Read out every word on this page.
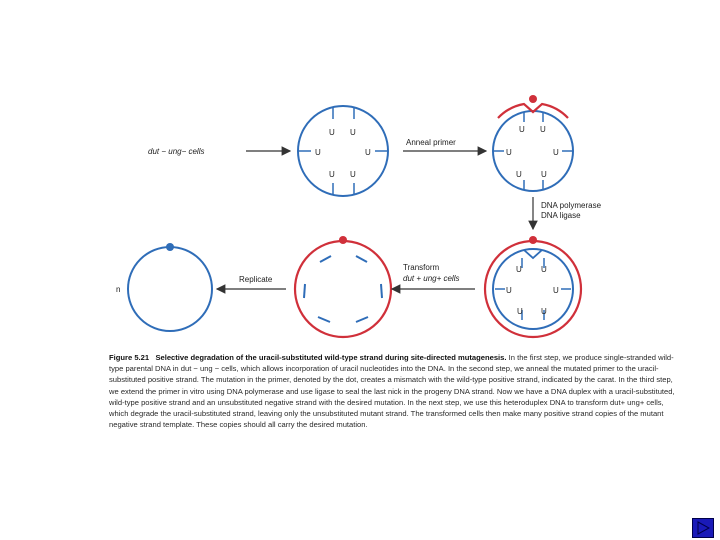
U U
U	U
U U
U U
U	U
U U
U U
U	U
U U
dut − ung− cells
Anneal primer
DNA polymerase
DNA ligase
Transform
dut + ung+ cells
Replicate
n
Figure 5.21 Selective degradation of the uracil-substituted wild-type strand during site-directed mutagenesis. In the first step, we produce single-stranded wild-type parental DNA in dut − ung − cells, which allows incorporation of uracil nucleotides into the DNA. In the second step, we anneal the mutated primer to the uracil-substituted positive strand. The mutation in the primer, denoted by the dot, creates a mismatch with the wild-type positive strand, indicated by the carat. In the third step, we extend the primer in vitro using DNA polymerase and use ligase to seal the last nick in the progeny DNA strand. Now we have a DNA duplex with a uracil-substituted, wild-type positive strand and an unsubstituted negative strand with the desired mutation. In the next step, we use this heteroduplex DNA to transform dut+ ung+ cells, which degrade the uracil-substituted strand, leaving only the unsubstituted mutant strand. The transformed cells then make many positive strand copies of the mutant negative strand template. These copies should all carry the desired mutation.
